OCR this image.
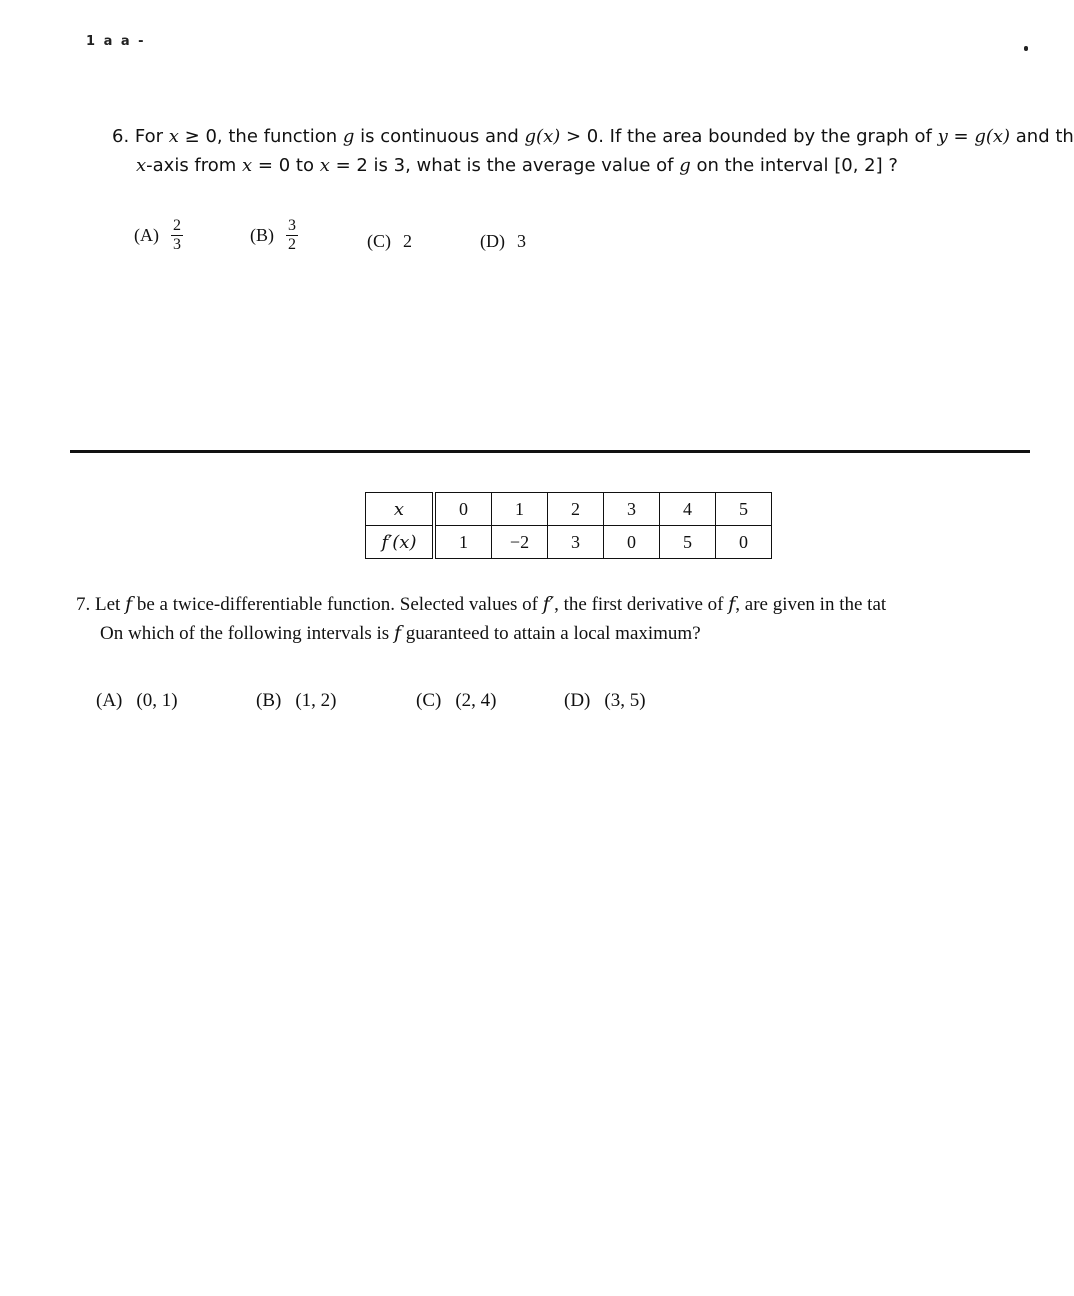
1 a a -
6. For x ≥ 0, the function g is continuous and g(x) > 0. If the area bounded by the graph of y = g(x) and th
x-axis from x = 0 to x = 2 is 3, what is the average value of g on the interval [0, 2] ?
$(A) \frac{2}{3}$	$(B) \frac{3}{2}$	(C) 2	(D) 3
x	0	1	2	3	4	5
f′(x)	1	−2	3	0	5	0
7. Let f be a twice-differentiable function. Selected values of f′, the first derivative of f, are given in the tat
On which of the following intervals is f guaranteed to attain a local maximum?
(A) (0, 1)	(B) (1, 2)	(C) (2, 4)	(D) (3, 5)
